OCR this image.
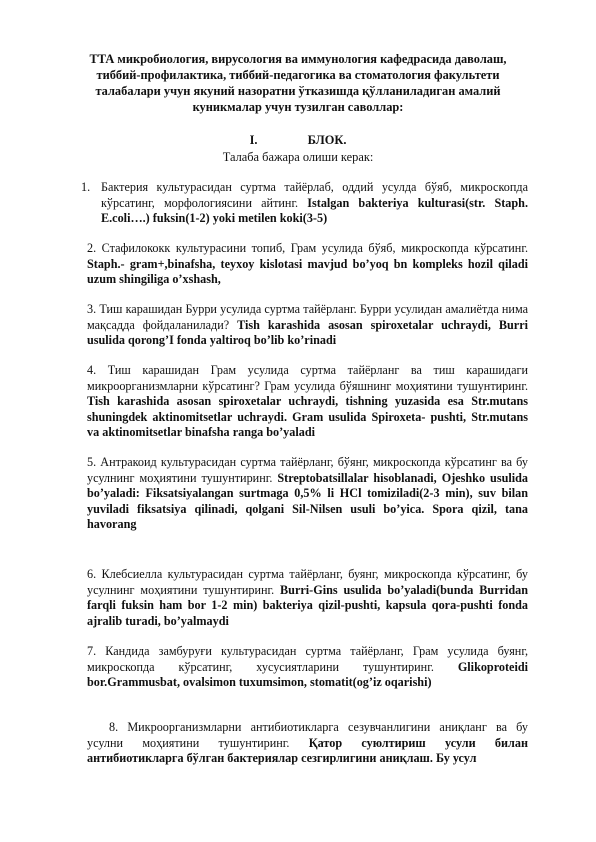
ТТА микробиология, вирусология ва иммунология кафедрасида даволаш, тиббий-профилактика, тиббий-педагогика ва стоматология факультети талабалари учун якуний назоратни ўтказишда қўлланиладиган амалий куникмалар учун тузилган саволлар:
I.	БЛОК.
Талаба бажара олиши керак:

1. Бактерия культурасидан суртма тайёрлаб, оддий усулда бўяб, микроскопда кўрсатинг, морфологиясини айтинг. Istalgan bakteriya kulturasi(str. Staph. E.coli….) fuksin(1-2) yoki metilen koki(3-5)

2. Стафилококк культурасини топиб, Грам усулида бўяб, микроскопда кўрсатинг. Staph.- gram+,binafsha, teyxoy kislotasi mavjud bo’yoq bn kompleks hozil qiladi uzum shingiliga o’xshash,

3. Тиш карашидан Бурри усулида суртма тайёрланг. Бурри усулидан амалиётда нима мақсадда фойдаланилади? Tish karashida asosan spiroxetalar uchraydi, Burri usulida qorong’I fonda yaltiroq bo’lib ko’rinadi

4. Тиш карашидан Грам усулида суртма тайёрланг ва тиш карашидаги микроорганизмларни кўрсатинг? Грам усулида бўяшнинг моҳиятини тушунтиринг. Tish karashida asosan spiroxetalar uchraydi, tishning yuzasida esa Str.mutans shuningdek aktinomitsetlar uchraydi. Gram usulida Spiroxeta- pushti, Str.mutans va aktinomitsetlar binafsha ranga bo’yaladi

5. Антракоид культурасидан суртма тайёрланг, бўянг, микроскопда кўрсатинг ва бу усулнинг моҳиятини тушунтиринг. Streptobatsillalar hisoblanadi, Ojeshko usulida bo’yaladi: Fiksatsiyalangan surtmaga 0,5% li HCl tomiziladi(2-3 min), suv bilan yuviladi fiksatsiya qilinadi, qolgani Sil-Nilsen usuli bo’yica. Spora qizil, tana havorang

6. Клебсиелла культурасидан суртма тайёрланг, буянг, микроскопда кўрсатинг, бу усулнинг моҳиятини тушунтиринг. Burri-Gins usulida bo’yaladi(bunda Burridan farqli fuksin ham bor 1-2 min) bakteriya qizil-pushti, kapsula qora-pushti fonda ajralib turadi, bo’yalmaydi

7. Кандида замбуруғи культурасидан суртма тайёрланг, Грам усулида буянг, микроскопда кўрсатинг, хусусиятларини тушунтиринг. Glikoproteidi bor.Grammusbat, ovalsimon tuxumsimon, stomatit(og’iz oqarishi)

8. Микроорганизмларни антибиотикларга сезувчанлигини аниқланг ва бу усулни моҳиятини тушунтиринг. Қатор суюлтириш усули билан антибиотикларга бўлган бактериялар сезгирлигини аниқлаш. Бу усул
